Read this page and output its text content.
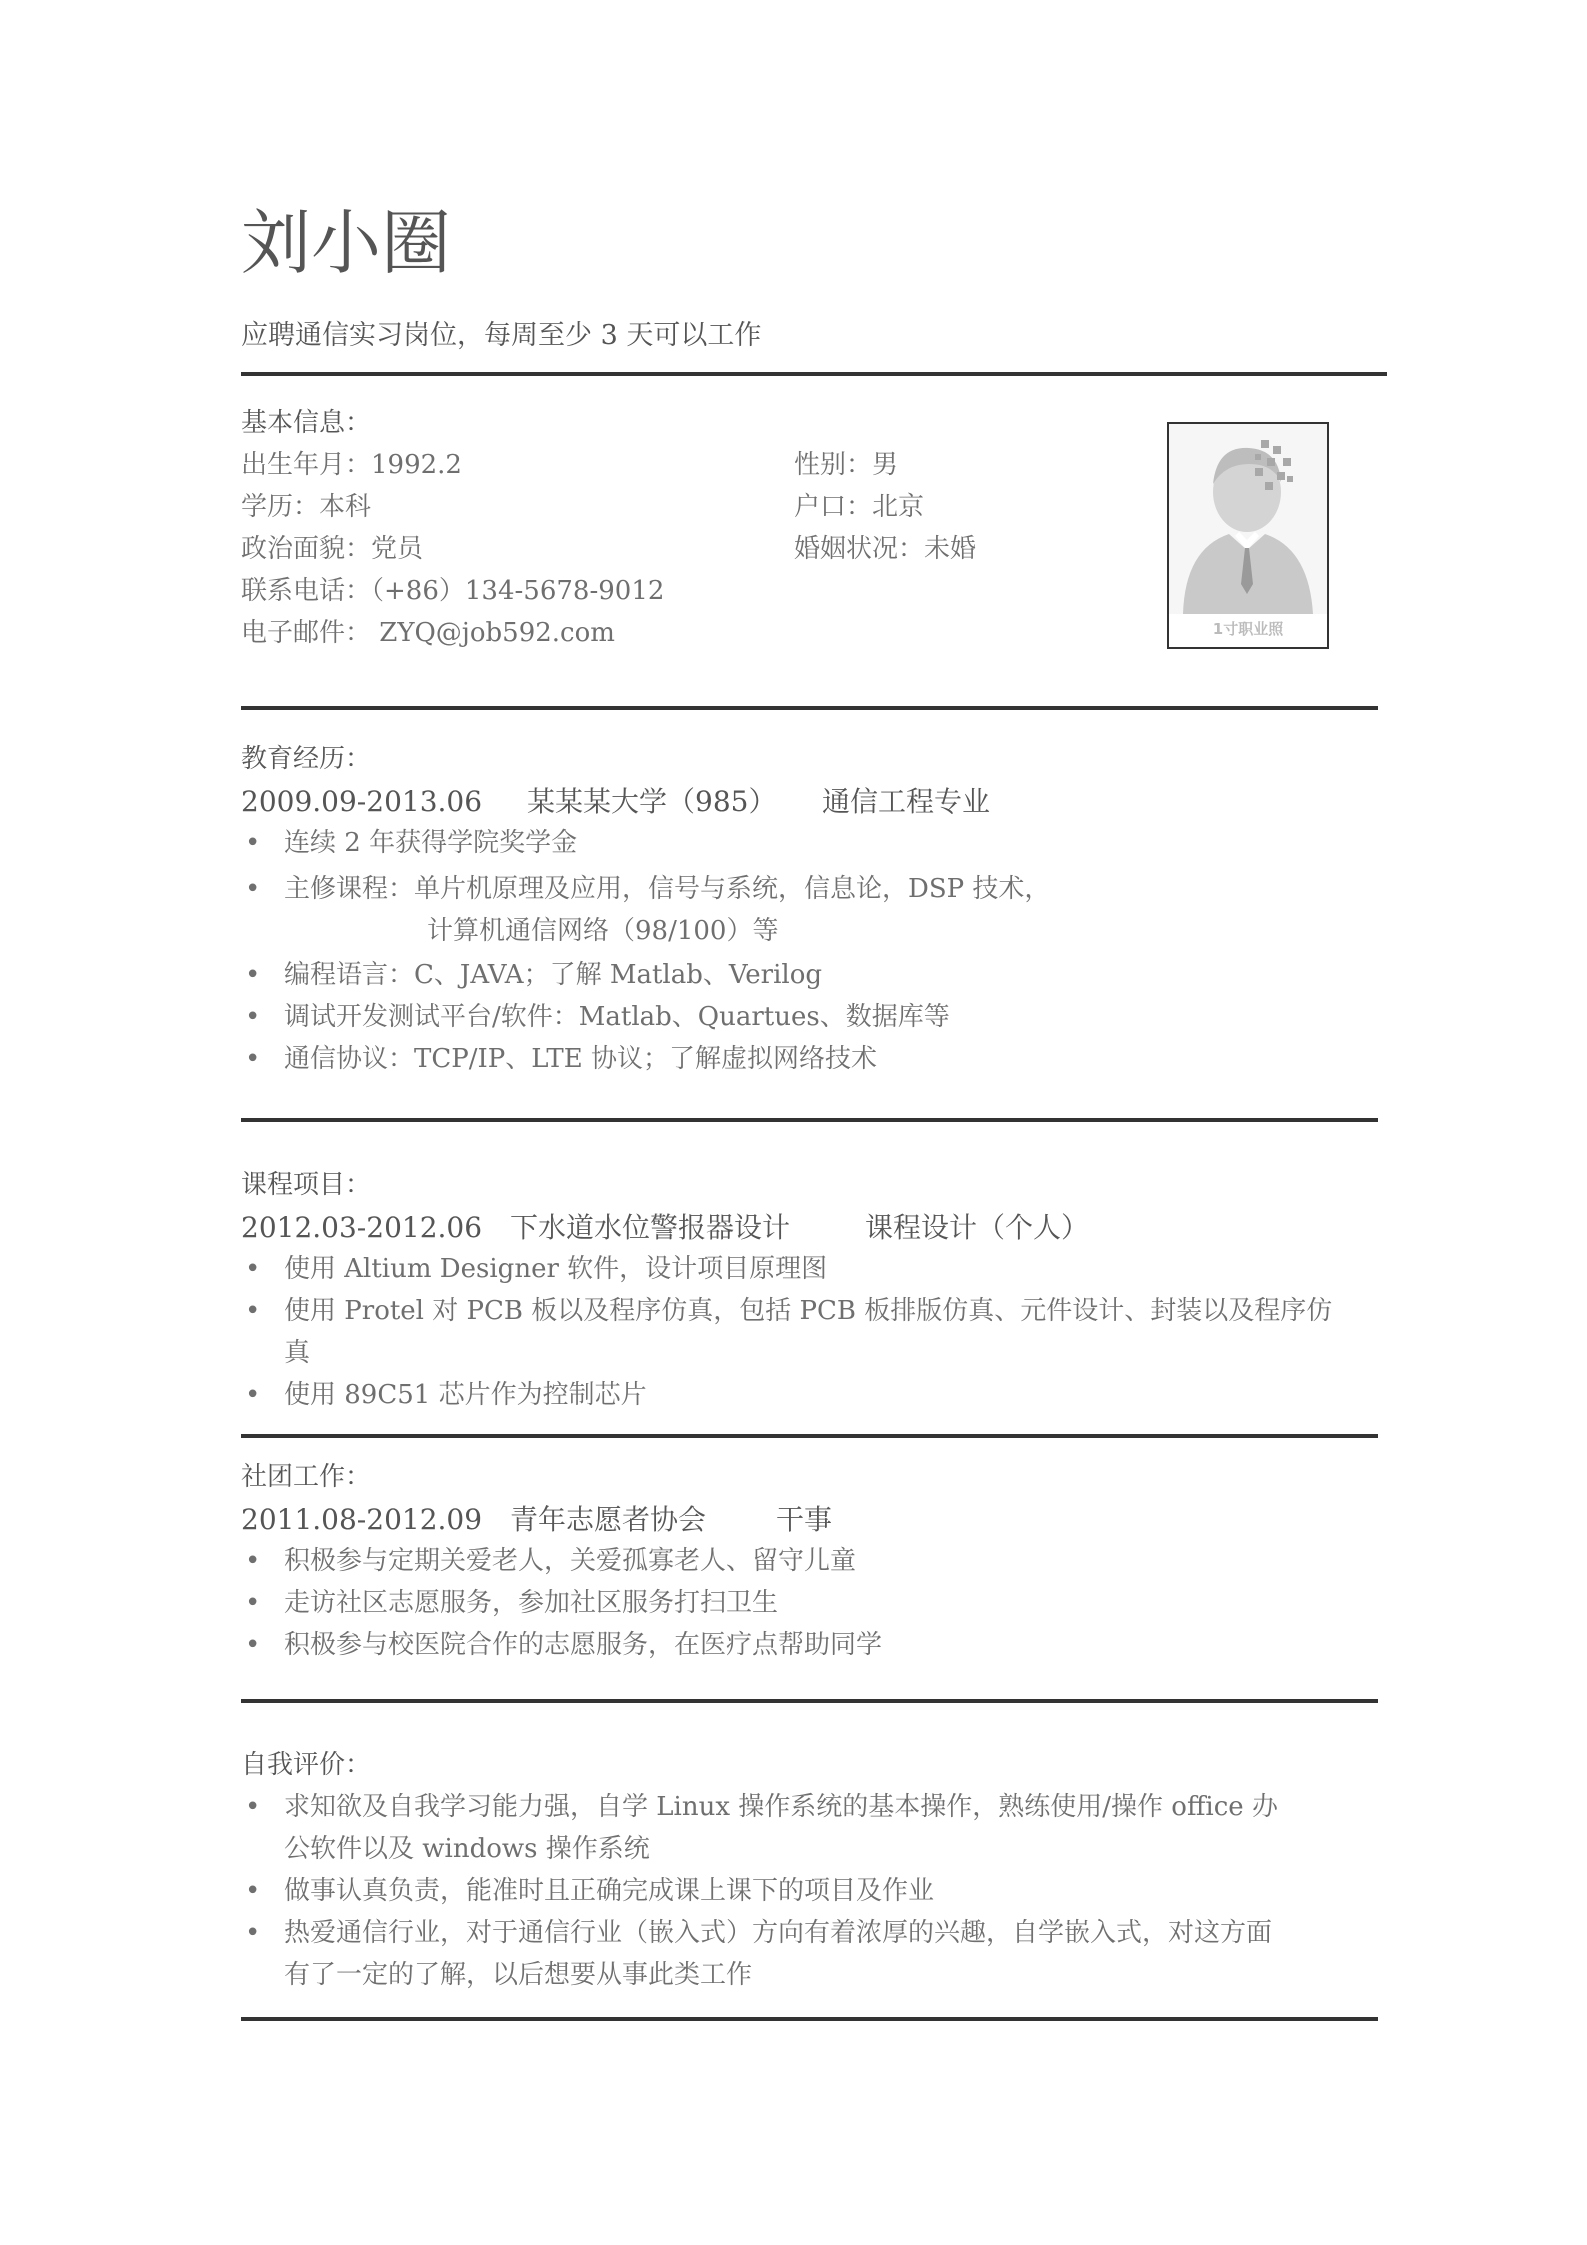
刘小圈
应聘通信实习岗位，每周至少 3 天可以工作
基本信息：
出生年月：1992.2	性别：男
学历：本科	户口：北京
政治面貌：党员	婚姻状况：未婚
联系电话：（+86）134-5678-9012
电子邮件： ZYQ@job592.com	1寸职业照
教育经历：
2009.09-2013.06 某某某大学（985） 通信工程专业
• 连续 2 年获得学院奖学金
• 主修课程：单片机原理及应用，信号与系统，信息论，DSP 技术，
计算机通信网络（98/100）等
• 编程语言：C、JAVA；了解 Matlab、Verilog
• 调试开发测试平台/软件：Matlab、Quartues、数据库等
• 通信协议：TCP/IP、LTE 协议；了解虚拟网络技术
课程项目：
2012.03-2012.06 下水道水位警报器设计	课程设计（个人）
• 使用 Altium Designer 软件，设计项目原理图
• 使用 Protel 对 PCB 板以及程序仿真，包括 PCB 板排版仿真、元件设计、封装以及程序仿
真
• 使用 89C51 芯片作为控制芯片
社团工作：
2011.08-2012.09 青年志愿者协会 干事
• 积极参与定期关爱老人，关爱孤寡老人、留守儿童
• 走访社区志愿服务，参加社区服务打扫卫生
• 积极参与校医院合作的志愿服务，在医疗点帮助同学
自我评价：
• 求知欲及自我学习能力强，自学 Linux 操作系统的基本操作，熟练使用/操作 office 办
公软件以及 windows 操作系统
• 做事认真负责，能准时且正确完成课上课下的项目及作业
• 热爱通信行业，对于通信行业（嵌入式）方向有着浓厚的兴趣，自学嵌入式，对这方面
有了一定的了解，以后想要从事此类工作
